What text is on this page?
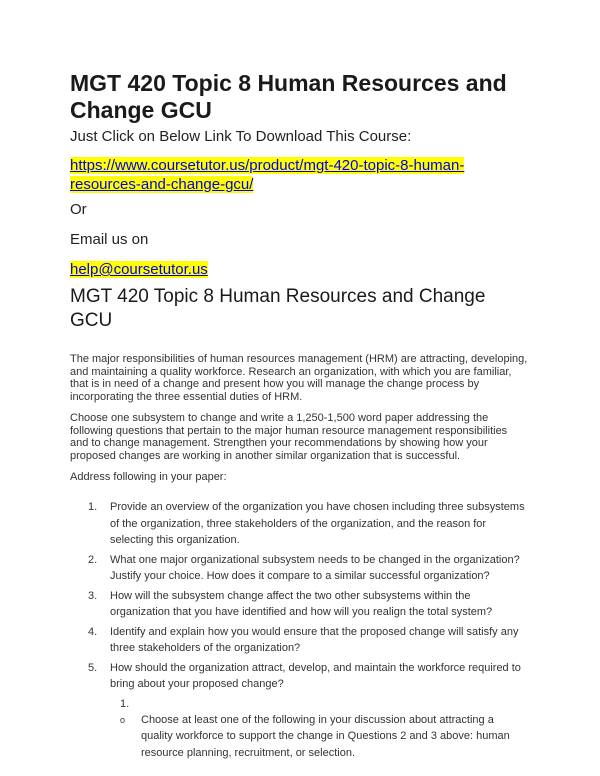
MGT 420 Topic 8 Human Resources and Change GCU

Just Click on Below Link To Download This Course:

https://www.coursetutor.us/product/mgt-420-topic-8-human-resources-and-change-gcu/

Or

Email us on

help@coursetutor.us
MGT 420 Topic 8 Human Resources and Change GCU

The major responsibilities of human resources management (HRM) are attracting, developing, and maintaining a quality workforce. Research an organization, with which you are familiar, that is in need of a change and present how you will manage the change process by incorporating the three essential duties of HRM.

Choose one subsystem to change and write a 1,250-1,500 word paper addressing the following questions that pertain to the major human resource management responsibilities and to change management. Strengthen your recommendations by showing how your proposed changes are working in another similar organization that is successful.

Address following in your paper:

1. Provide an overview of the organization you have chosen including three subsystems of the organization, three stakeholders of the organization, and the reason for selecting this organization.
2. What one major organizational subsystem needs to be changed in the organization? Justify your choice. How does it compare to a similar successful organization?
3. How will the subsystem change affect the two other subsystems within the organization that you have identified and how will you realign the total system?
4. Identify and explain how you would ensure that the proposed change will satisfy any three stakeholders of the organization?
5. How should the organization attract, develop, and maintain the workforce required to bring about your proposed change?
1.
o Choose at least one of the following in your discussion about attracting a quality workforce to support the change in Questions 2 and 3 above: human resource planning, recruitment, or selection.
